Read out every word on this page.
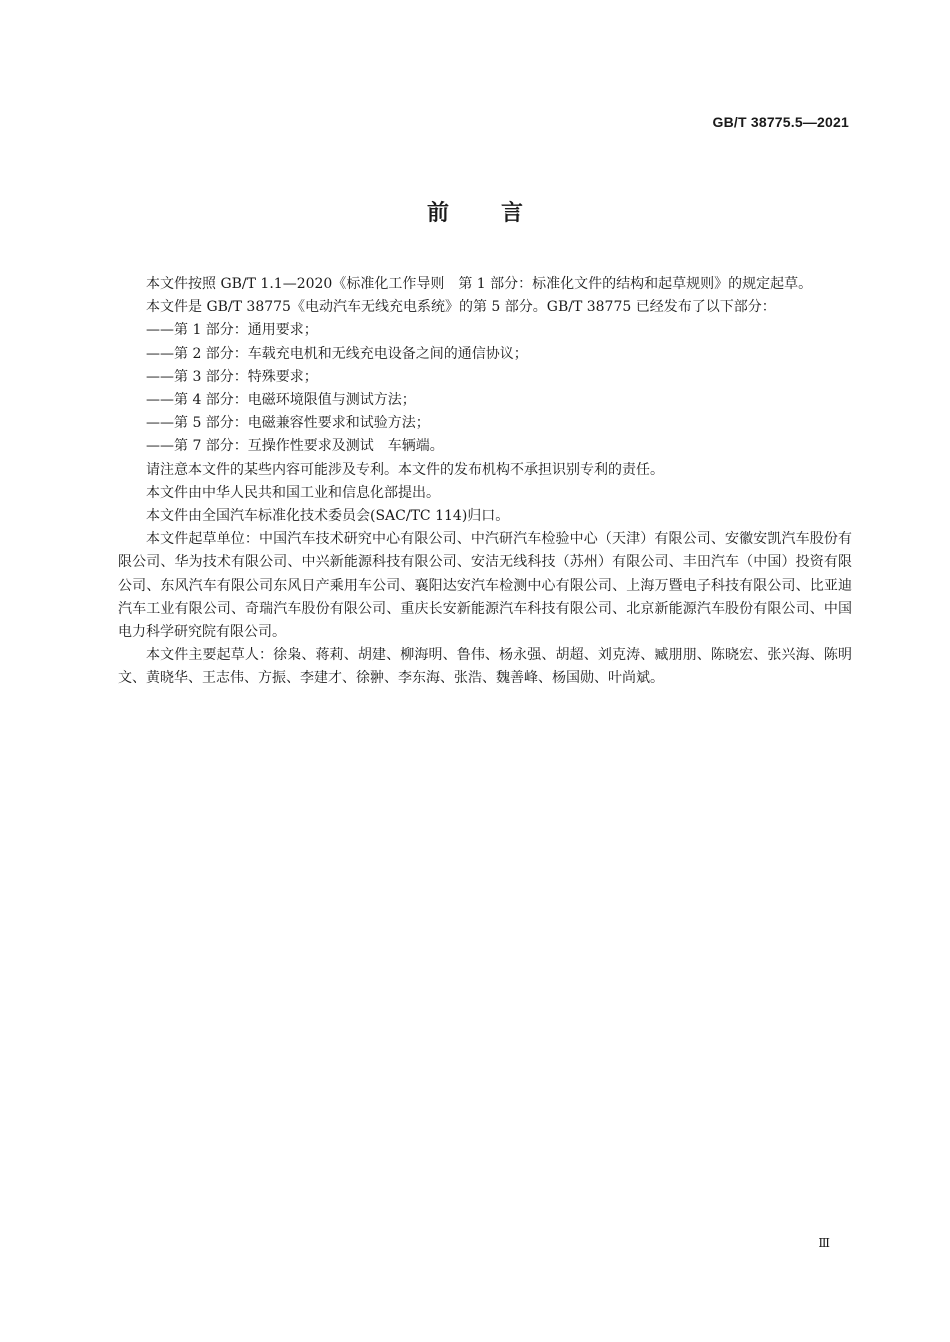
GB/T 38775.5—2021
前言

本文件按照 GB/T 1.1—2020《标准化工作导则　第 1 部分：标准化文件的结构和起草规则》的规定起草。

本文件是 GB/T 38775《电动汽车无线充电系统》的第 5 部分。GB/T 38775 已经发布了以下部分：

——第 1 部分：通用要求；

——第 2 部分：车载充电机和无线充电设备之间的通信协议；

——第 3 部分：特殊要求；

——第 4 部分：电磁环境限值与测试方法；

——第 5 部分：电磁兼容性要求和试验方法；

——第 7 部分：互操作性要求及测试　车辆端。

请注意本文件的某些内容可能涉及专利。本文件的发布机构不承担识别专利的责任。

本文件由中华人民共和国工业和信息化部提出。

本文件由全国汽车标准化技术委员会(SAC/TC 114)归口。

本文件起草单位：中国汽车技术研究中心有限公司、中汽研汽车检验中心（天津）有限公司、安徽安凯汽车股份有限公司、华为技术有限公司、中兴新能源科技有限公司、安洁无线科技（苏州）有限公司、丰田汽车（中国）投资有限公司、东风汽车有限公司东风日产乘用车公司、襄阳达安汽车检测中心有限公司、上海万暨电子科技有限公司、比亚迪汽车工业有限公司、奇瑞汽车股份有限公司、重庆长安新能源汽车科技有限公司、北京新能源汽车股份有限公司、中国电力科学研究院有限公司。

本文件主要起草人：徐枭、蒋莉、胡建、柳海明、鲁伟、杨永强、胡超、刘克涛、臧朋朋、陈晓宏、张兴海、陈明文、黄晓华、王志伟、方振、李建才、徐翀、李东海、张浩、魏善峰、杨国勋、叶尚斌。

Ⅲ
